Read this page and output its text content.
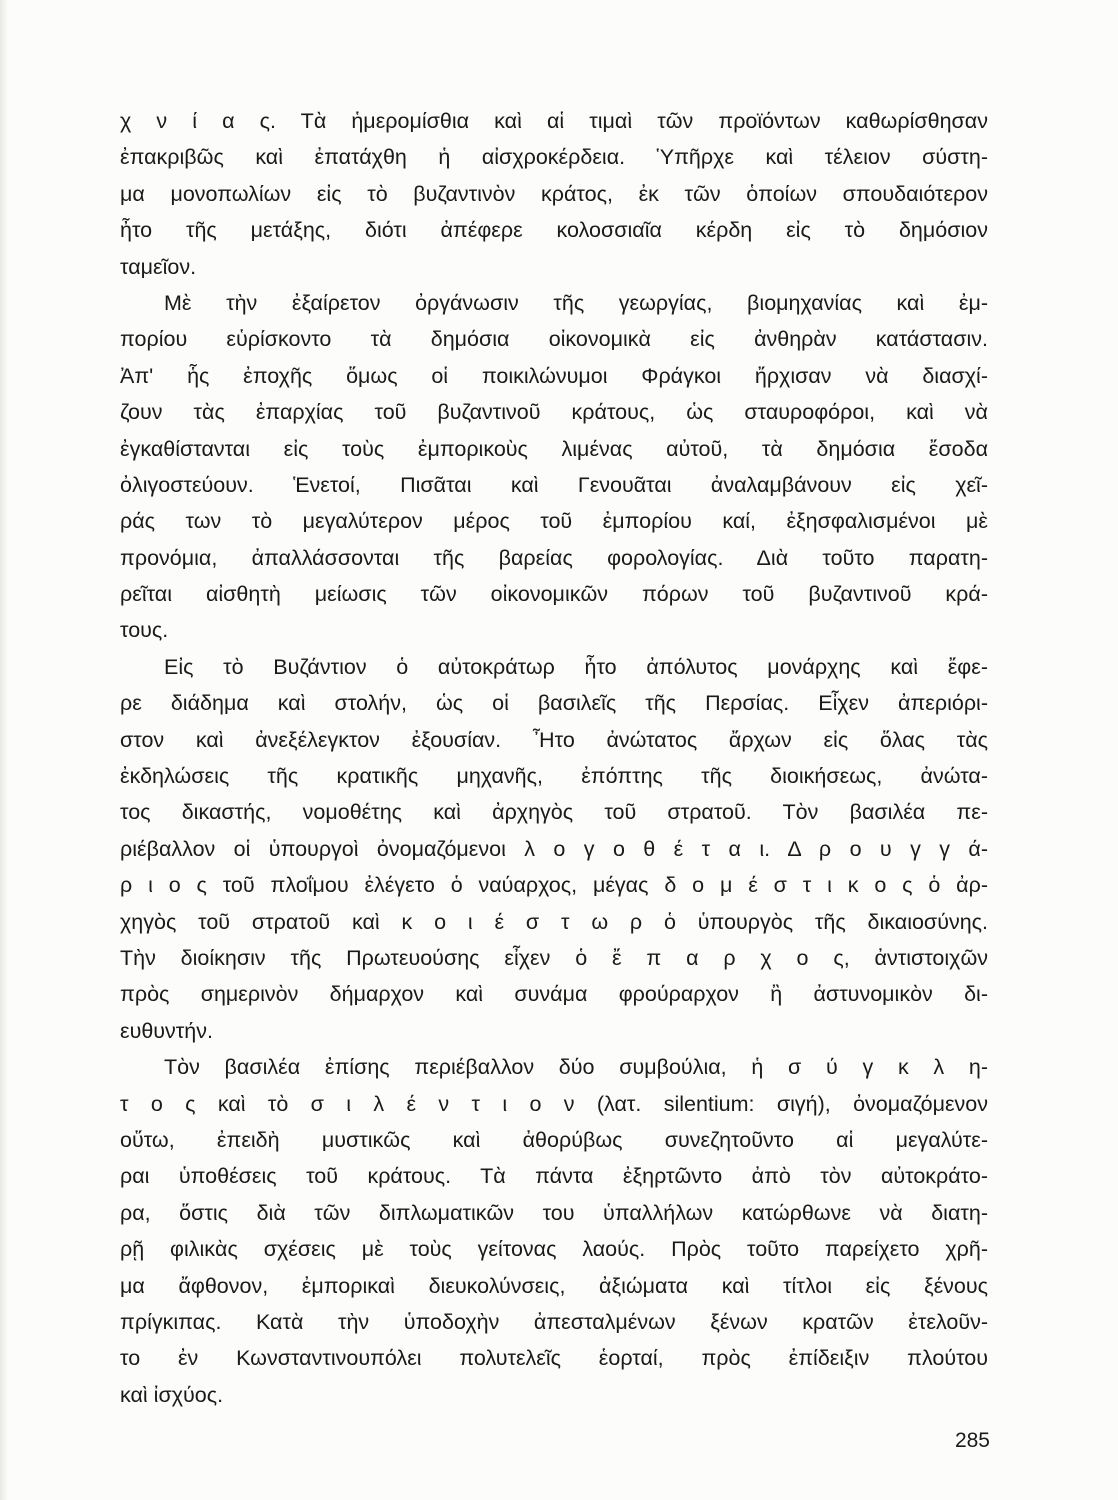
χ ν ί α ς. Τὰ ἡμερομίσθια καὶ αἱ τιμαὶ τῶν προϊόντων καθωρίσθησαν
ἐπακριβῶς καὶ ἐπατάχθη ἡ αἰσχροκέρδεια. Ὑπῆρχε καὶ τέλειον σύστη-
μα μονοπωλίων εἰς τὸ βυζαντινὸν κράτος, ἐκ τῶν ὁποίων σπουδαιότερον
ἦτο τῆς μετάξης, διότι ἀπέφερε κολοσσιαῖα κέρδη εἰς τὸ δημόσιον
ταμεῖον.
Μὲ τὴν ἐξαίρετον ὀργάνωσιν τῆς γεωργίας, βιομηχανίας καὶ ἐμ-
πορίου εὑρίσκοντο τὰ δημόσια οἰκονομικὰ εἰς ἀνθηρὰν κατάστασιν.
Ἀπ' ἧς ἐποχῆς ὅμως οἱ ποικιλώνυμοι Φράγκοι ἤρχισαν νὰ διασχί-
ζουν τὰς ἐπαρχίας τοῦ βυζαντινοῦ κράτους, ὡς σταυροφόροι, καὶ νὰ
ἐγκαθίστανται εἰς τοὺς ἐμπορικοὺς λιμένας αὐτοῦ, τὰ δημόσια ἔσοδα
ὀλιγοστεύουν. Ἑνετοί, Πισᾶται καὶ Γενουᾶται ἀναλαμβάνουν εἰς χεῖ-
ράς των τὸ μεγαλύτερον μέρος τοῦ ἐμπορίου καί, ἐξησφαλισμένοι μὲ
προνόμια, ἀπαλλάσσονται τῆς βαρείας φορολογίας. Διὰ τοῦτο παρατη-
ρεῖται αἰσθητὴ μείωσις τῶν οἰκονομικῶν πόρων τοῦ βυζαντινοῦ κρά-
τους.
Εἰς τὸ Βυζάντιον ὁ αὐτοκράτωρ ἦτο ἀπόλυτος μονάρχης καὶ ἔφε-
ρε διάδημα καὶ στολήν, ὡς οἱ βασιλεῖς τῆς Περσίας. Εἶχεν ἀπεριόρι-
στον καὶ ἀνεξέλεγκτον ἐξουσίαν. Ἦτο ἀνώτατος ἄρχων εἰς ὅλας τὰς
ἐκδηλώσεις τῆς κρατικῆς μηχανῆς, ἐπόπτης τῆς διοικήσεως, ἀνώτα-
τος δικαστής, νομοθέτης καὶ ἀρχηγὸς τοῦ στρατοῦ. Τὸν βασιλέα πε-
ριέβαλλον οἱ ὑπουργοὶ ὀνομαζόμενοι λ ο γ ο θ έ τ α ι. Δ ρ ο υ γ γ ά-
ρ ι ο ς τοῦ πλοΐμου ἐλέγετο ὁ ναύαρχος, μέγας δ ο μ έ σ τ ι κ ο ς ὁ ἀρ-
χηγὸς τοῦ στρατοῦ καὶ κ ο ι έ σ τ ω ρ ὁ ὑπουργὸς τῆς δικαιοσύνης.
Τὴν διοίκησιν τῆς Πρωτευούσης εἶχεν ὁ ἔ π α ρ χ ο ς, ἀντιστοιχῶν
πρὸς σημερινὸν δήμαρχον καὶ συνάμα φρούραρχον ἢ ἀστυνομικὸν δι-
ευθυντήν.
Τὸν βασιλέα ἐπίσης περιέβαλλον δύο συμβούλια, ἡ σ ύ γ κ λ η-
τ ο ς καὶ τὸ σ ι λ έ ν τ ι ο ν (λατ. silentium: σιγή), ὀνομαζόμενον
οὕτω, ἐπειδὴ μυστικῶς καὶ ἀθορύβως συνεζητοῦντο αἱ μεγαλύτε-
ραι ὑποθέσεις τοῦ κράτους. Τὰ πάντα ἐξηρτῶντο ἀπὸ τὸν αὐτοκράτο-
ρα, ὅστις διὰ τῶν διπλωματικῶν του ὑπαλλήλων κατώρθωνε νὰ διατη-
ρῇ φιλικὰς σχέσεις μὲ τοὺς γείτονας λαούς. Πρὸς τοῦτο παρείχετο χρῆ-
μα ἄφθονον, ἐμπορικαὶ διευκολύνσεις, ἀξιώματα καὶ τίτλοι εἰς ξένους
πρίγκιπας. Κατὰ τὴν ὑποδοχὴν ἀπεσταλμένων ξένων κρατῶν ἐτελοῦν-
το ἐν Κωνσταντινουπόλει πολυτελεῖς ἑορταί, πρὸς ἐπίδειξιν πλούτου
καὶ ἰσχύος.
285
